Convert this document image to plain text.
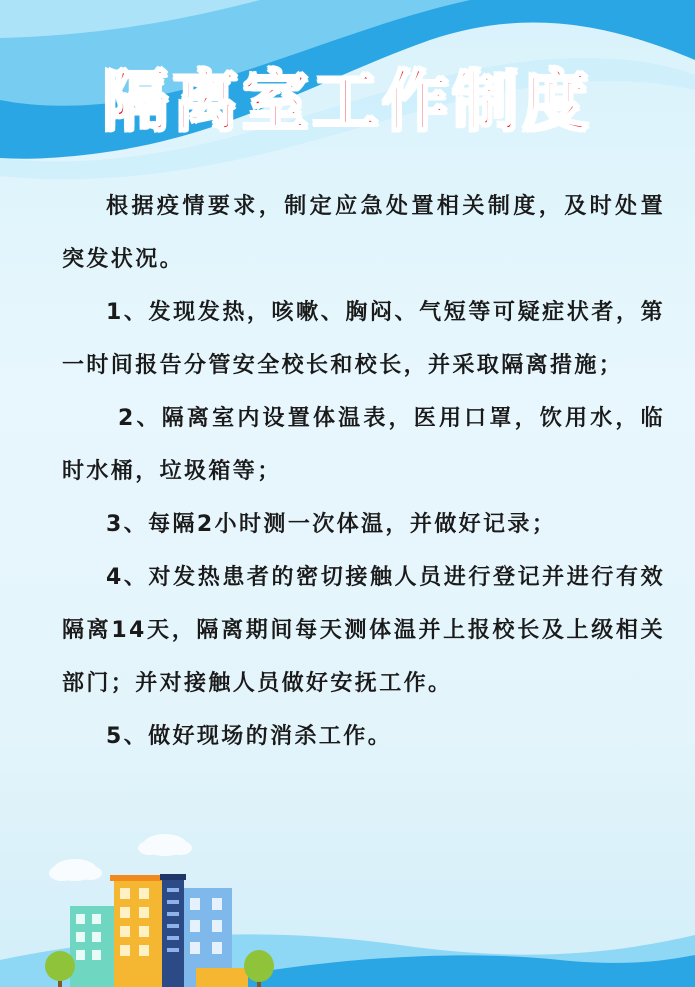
隔离室工作制度

根据疫情要求，制定应急处置相关制度，及时处置突发状况。

1、发现发热，咳嗽、胸闷、气短等可疑症状者，第一时间报告分管安全校长和校长，并采取隔离措施；

2、隔离室内设置体温表，医用口罩，饮用水，临时水桶，垃圾箱等；

3、每隔2小时测一次体温，并做好记录；

4、对发热患者的密切接触人员进行登记并进行有效隔离14天，隔离期间每天测体温并上报校长及上级相关部门；并对接触人员做好安抚工作。

5、做好现场的消杀工作。
